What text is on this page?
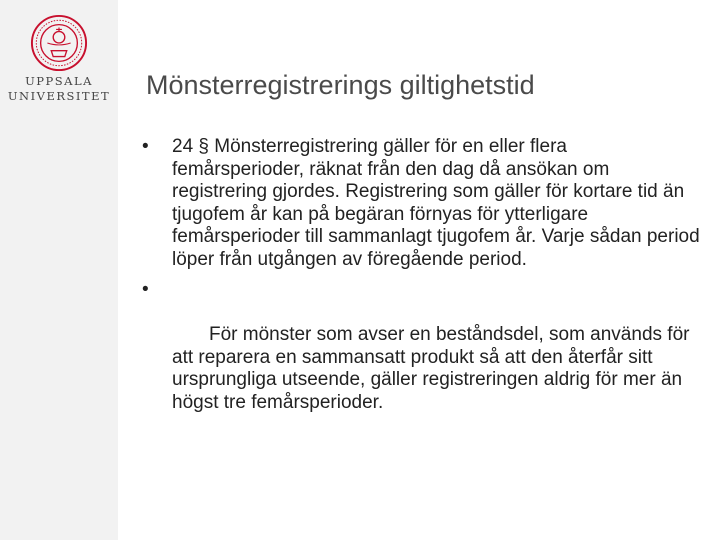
UPPSALA
UNIVERSITET Mönsterregistrerings giltighetstid
• 24 § Mönsterregistrering gäller för en eller flera femårsperioder, räknat från den dag då ansökan om registrering gjordes. Registrering som gäller för kortare tid än tjugofem år kan på begäran förnyas för ytterligare femårsperioder till sammanlagt tjugofem år. Varje sådan period löper från utgången av föregående period.

•

För mönster som avser en beståndsdel, som används för att reparera en sammansatt produkt så att den återfår sitt ursprungliga utseende, gäller registreringen aldrig för mer än högst tre femårsperioder.
